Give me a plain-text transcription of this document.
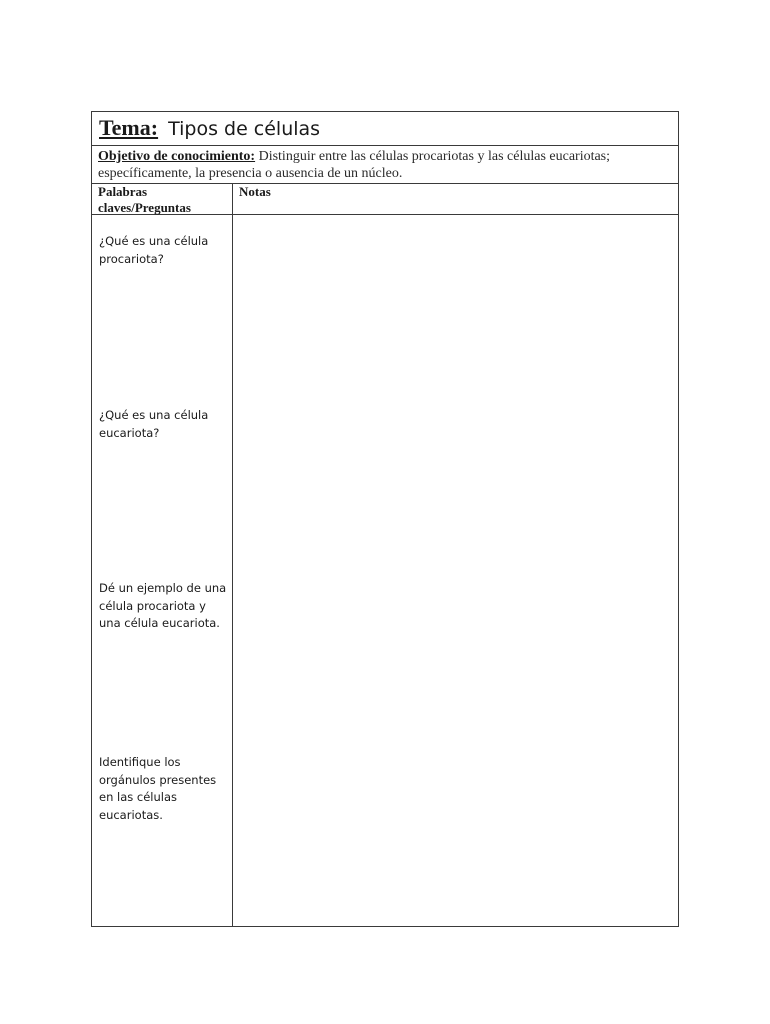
Tema: Tipos de células
Objetivo de conocimiento: Distinguir entre las células procariotas y las células eucariotas; específicamente, la presencia o ausencia de un núcleo.
Palabras claves/Preguntas
Notas
¿Qué es una célula procariota?
¿Qué es una célula eucariota?
Dé un ejemplo de una célula procariota y una célula eucariota.
Identifique los orgánulos presentes en las células eucariotas.
